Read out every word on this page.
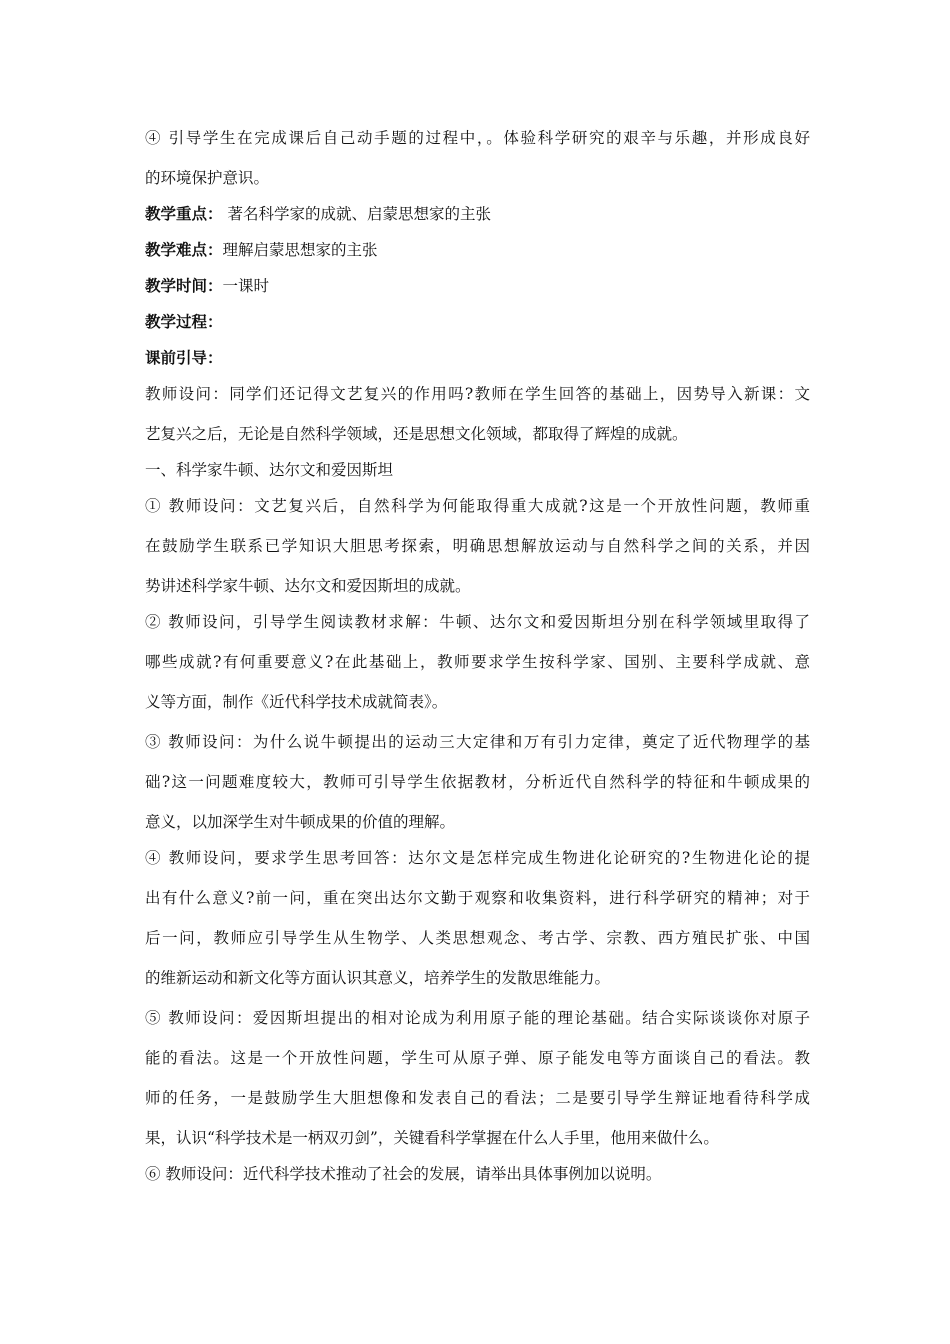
④ 引导学生在完成课后自己动手题的过程中，。体验科学研究的艰辛与乐趣，并形成良好
的环境保护意识。
教学重点： 著名科学家的成就、启蒙思想家的主张
教学难点：理解启蒙思想家的主张
教学时间：一课时
教学过程：
课前引导：
教师设问：同学们还记得文艺复兴的作用吗?教师在学生回答的基础上，因势导入新课：文
艺复兴之后，无论是自然科学领域，还是思想文化领域，都取得了辉煌的成就。
一、科学家牛顿、达尔文和爱因斯坦
① 教师设问：文艺复兴后，自然科学为何能取得重大成就?这是一个开放性问题，教师重
在鼓励学生联系已学知识大胆思考探索，明确思想解放运动与自然科学之间的关系，并因
势讲述科学家牛顿、达尔文和爱因斯坦的成就。
② 教师设问，引导学生阅读教材求解：牛顿、达尔文和爱因斯坦分别在科学领域里取得了
哪些成就?有何重要意义?在此基础上，教师要求学生按科学家、国别、主要科学成就、意
义等方面，制作《近代科学技术成就简表》。
③ 教师设问：为什么说牛顿提出的运动三大定律和万有引力定律，奠定了近代物理学的基
础?这一问题难度较大，教师可引导学生依据教材，分析近代自然科学的特征和牛顿成果的
意义，以加深学生对牛顿成果的价值的理解。
④ 教师设问，要求学生思考回答：达尔文是怎样完成生物进化论研究的?生物进化论的提
出有什么意义?前一问，重在突出达尔文勤于观察和收集资料，进行科学研究的精神；对于
后一问，教师应引导学生从生物学、人类思想观念、考古学、宗教、西方殖民扩张、中国
的维新运动和新文化等方面认识其意义，培养学生的发散思维能力。
⑤ 教师设问：爱因斯坦提出的相对论成为利用原子能的理论基础。结合实际谈谈你对原子
能的看法。这是一个开放性问题，学生可从原子弹、原子能发电等方面谈自己的看法。教
师的任务，一是鼓励学生大胆想像和发表自己的看法；二是要引导学生辩证地看待科学成
果，认识“科学技术是一柄双刃剑”，关键看科学掌握在什么人手里，他用来做什么。
⑥ 教师设问：近代科学技术推动了社会的发展，请举出具体事例加以说明。
